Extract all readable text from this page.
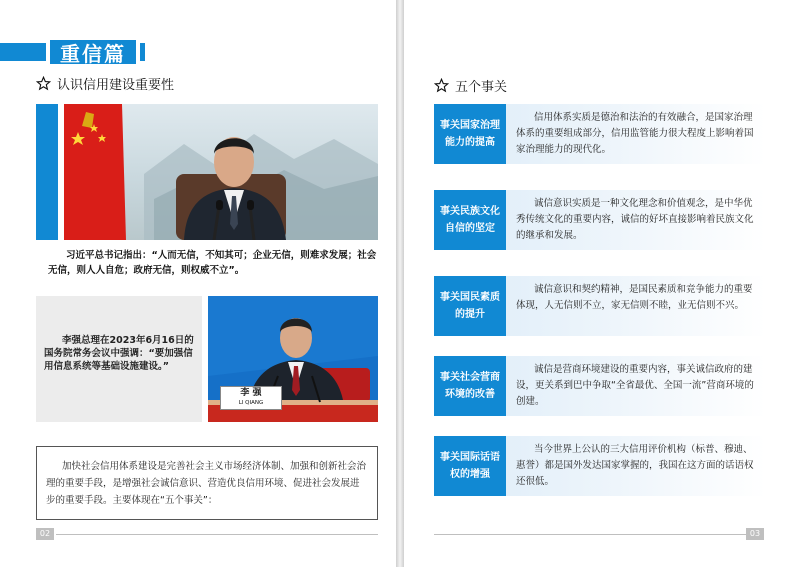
重信篇
认识信用建设重要性
习近平总书记指出：“人而无信，不知其可；企业无信，则难求发展；社会无信，则人人自危；政府无信，则权威不立”。
李强总理在2023年6月16日的国务院常务会议中强调：“要加强信用信息系统等基础设施建设。”
李 强
LI QIANG
加快社会信用体系建设是完善社会主义市场经济体制、加强和创新社会治理的重要手段，是增强社会诚信意识、营造优良信用环境、促进社会发展进步的重要手段。主要体现在“五个事关”：
02
五个事关
事关国家治理能力的提高
信用体系实质是德治和法治的有效融合，是国家治理体系的重要组成部分，信用监管能力很大程度上影响着国家治理能力的现代化。
事关民族文化自信的坚定
诚信意识实质是一种文化理念和价值观念，是中华优秀传统文化的重要内容，诚信的好坏直接影响着民族文化的继承和发展。
事关国民素质的提升
诚信意识和契约精神，是国民素质和竞争能力的重要体现，人无信则不立，家无信则不睦，业无信则不兴。
事关社会营商环境的改善
诚信是营商环境建设的重要内容，事关诚信政府的建设，更关系到巴中争取“全省最优、全国一流”营商环境的创建。
事关国际话语权的增强
当今世界上公认的三大信用评价机构（标普、穆迪、惠誉）都是国外发达国家掌握的，我国在这方面的话语权还很低。
03
